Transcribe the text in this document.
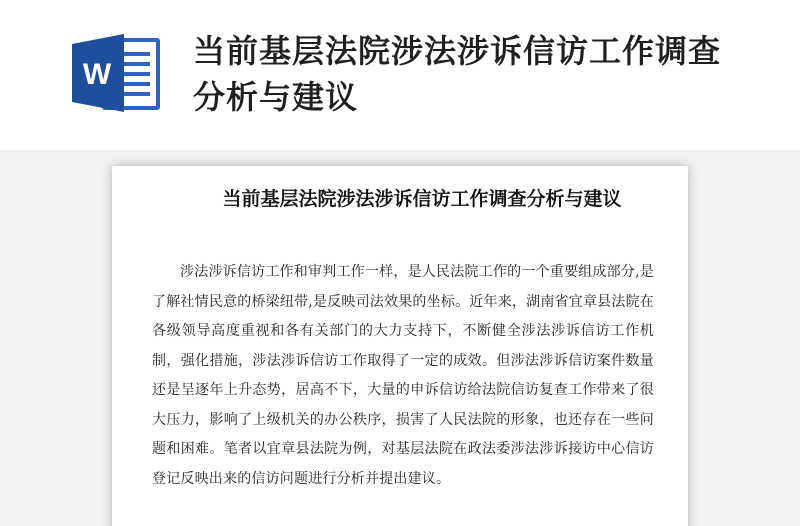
W
当前基层法院涉法涉诉信访工作调查分析与建议
当前基层法院涉法涉诉信访工作调查分析与建议

涉法涉诉信访工作和审判工作一样，是人民法院工作的一个重要组成部分,是了解社情民意的桥梁纽带,是反映司法效果的坐标。近年来，湖南省宜章县法院在各级领导高度重视和各有关部门的大力支持下，不断健全涉法涉诉信访工作机制，强化措施，涉法涉诉信访工作取得了一定的成效。但涉法涉诉信访案件数量还是呈逐年上升态势，居高不下，大量的申诉信访给法院信访复查工作带来了很大压力，影响了上级机关的办公秩序，损害了人民法院的形象，也还存在一些问题和困难。笔者以宜章县法院为例，对基层法院在政法委涉法涉诉接访中心信访登记反映出来的信访问题进行分析并提出建议。
